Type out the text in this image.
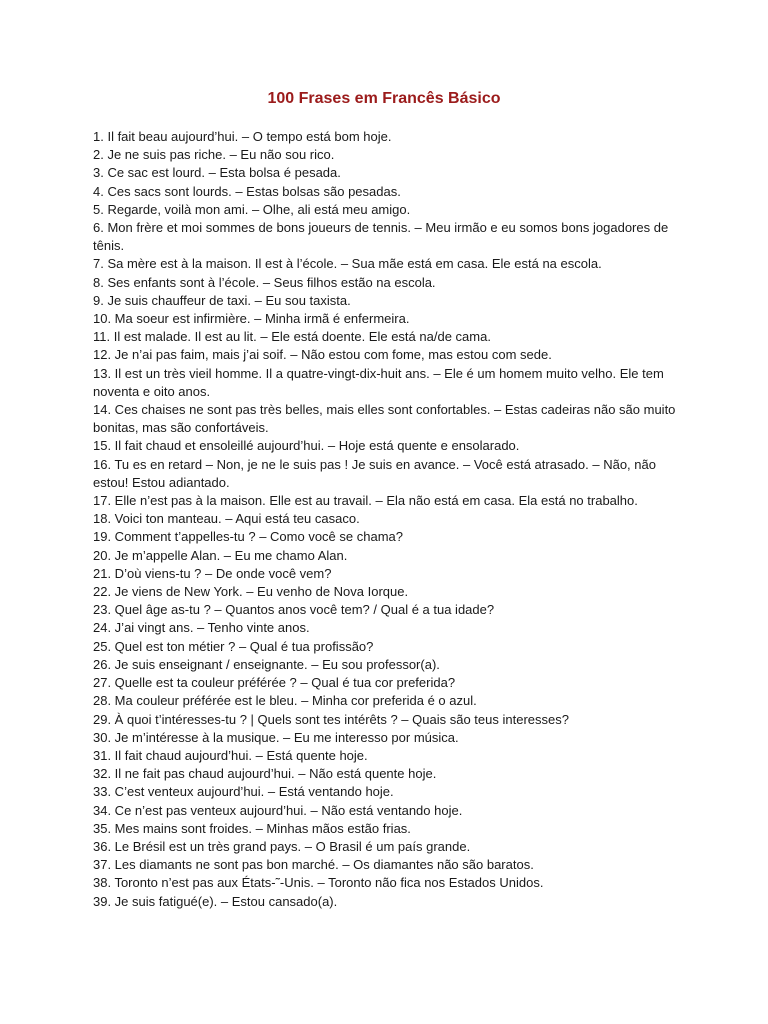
100 Frases em Francês Básico
1. Il fait beau aujourd’hui. – O tempo está bom hoje.
2. Je ne suis pas riche. – Eu não sou rico.
3. Ce sac est lourd. – Esta bolsa é pesada.
4. Ces sacs sont lourds. – Estas bolsas são pesadas.
5. Regarde, voilà mon ami. – Olhe, ali está meu amigo.
6. Mon frère et moi sommes de bons joueurs de tennis. – Meu irmão e eu somos bons jogadores de tênis.
7. Sa mère est à la maison. Il est à l’école. – Sua mãe está em casa. Ele está na escola.
8. Ses enfants sont à l’école. – Seus filhos estão na escola.
9. Je suis chauffeur de taxi. – Eu sou taxista.
10. Ma soeur est infirmière. – Minha irmã é enfermeira.
11. Il est malade. Il est au lit. – Ele está doente. Ele está na/de cama.
12. Je n’ai pas faim, mais j’ai soif. – Não estou com fome, mas estou com sede.
13. Il est un très vieil homme. Il a quatre-vingt-dix-huit ans. – Ele é um homem muito velho. Ele tem noventa e oito anos.
14. Ces chaises ne sont pas très belles, mais elles sont confortables. – Estas cadeiras não são muito bonitas, mas são confortáveis.
15. Il fait chaud et ensoleillé aujourd’hui. – Hoje está quente e ensolarado.
16. Tu es en retard – Non, je ne le suis pas ! Je suis en avance. – Você está atrasado. – Não, não estou! Estou adiantado.
17. Elle n’est pas à la maison. Elle est au travail. – Ela não está em casa. Ela está no trabalho.
18. Voici ton manteau. – Aqui está teu casaco.
19. Comment t’appelles-tu ? – Como você se chama?
20. Je m’appelle Alan. – Eu me chamo Alan.
21. D’où viens-tu ? – De onde você vem?
22. Je viens de New York. – Eu venho de Nova Iorque.
23. Quel âge as-tu ? – Quantos anos você tem? / Qual é a tua idade?
24. J’ai vingt ans. – Tenho vinte anos.
25. Quel est ton métier ? – Qual é tua profissão?
26. Je suis enseignant / enseignante. – Eu sou professor(a).
27. Quelle est ta couleur préférée ? – Qual é tua cor preferida?
28. Ma couleur préférée est le bleu. – Minha cor preferida é o azul.
29. À quoi t’intéresses-tu ? | Quels sont tes intérêts ? – Quais são teus interesses?
30. Je m’intéresse à la musique. – Eu me interesso por música.
31. Il fait chaud aujourd’hui. – Está quente hoje.
32. Il ne fait pas chaud aujourd’hui. – Não está quente hoje.
33. C’est venteux aujourd’hui. – Está ventando hoje.
34. Ce n’est pas venteux aujourd’hui. – Não está ventando hoje.
35. Mes mains sont froides. – Minhas mãos estão frias.
36. Le Brésil est un très grand pays. – O Brasil é um país grande.
37. Les diamants ne sont pas bon marché. – Os diamantes não são baratos.
38. Toronto n’est pas aux États-˜-Unis. – Toronto não fica nos Estados Unidos.
39. Je suis fatigué(e). – Estou cansado(a).
